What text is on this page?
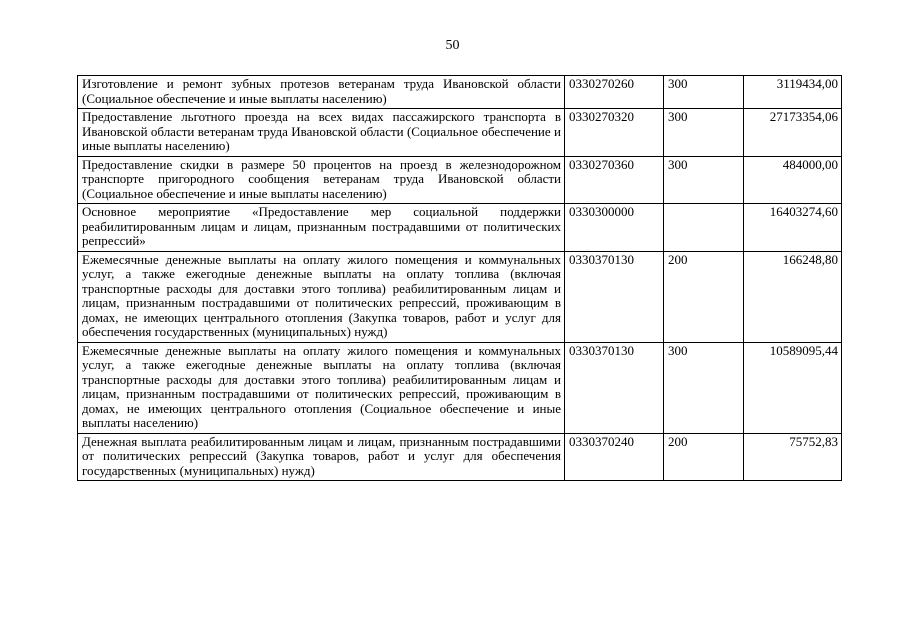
50
Изготовление и ремонт зубных протезов ветеранам труда Ивановской области (Социальное обеспечение и иные выплаты населению)	0330270260	300	3119434,00
Предоставление льготного проезда на всех видах пассажирского транспорта в Ивановской области ветеранам труда Ивановской области (Социальное обеспечение и иные выплаты населению)	0330270320	300	27173354,06
Предоставление скидки в размере 50 процентов на проезд в железнодорожном транспорте пригородного сообщения ветеранам труда Ивановской области (Социальное обеспечение и иные выплаты населению)	0330270360	300	484000,00
Основное мероприятие «Предоставление мер социальной поддержки реабилитированным лицам и лицам, признанным пострадавшими от политических репрессий»	0330300000		16403274,60
Ежемесячные денежные выплаты на оплату жилого помещения и коммунальных услуг, а также ежегодные денежные выплаты на оплату топлива (включая транспортные расходы для доставки этого топлива) реабилитированным лицам и лицам, признанным пострадавшими от политических репрессий, проживающим в домах, не имеющих центрального отопления (Закупка товаров, работ и услуг для обеспечения государственных (муниципальных) нужд)	0330370130	200	166248,80
Ежемесячные денежные выплаты на оплату жилого помещения и коммунальных услуг, а также ежегодные денежные выплаты на оплату топлива (включая транспортные расходы для доставки этого топлива) реабилитированным лицам и лицам, признанным пострадавшими от политических репрессий, проживающим в домах, не имеющих центрального отопления (Социальное обеспечение и иные выплаты населению)	0330370130	300	10589095,44
Денежная выплата реабилитированным лицам и лицам, признанным пострадавшими от политических репрессий (Закупка товаров, работ и услуг для обеспечения государственных (муниципальных) нужд)	0330370240	200	75752,83
